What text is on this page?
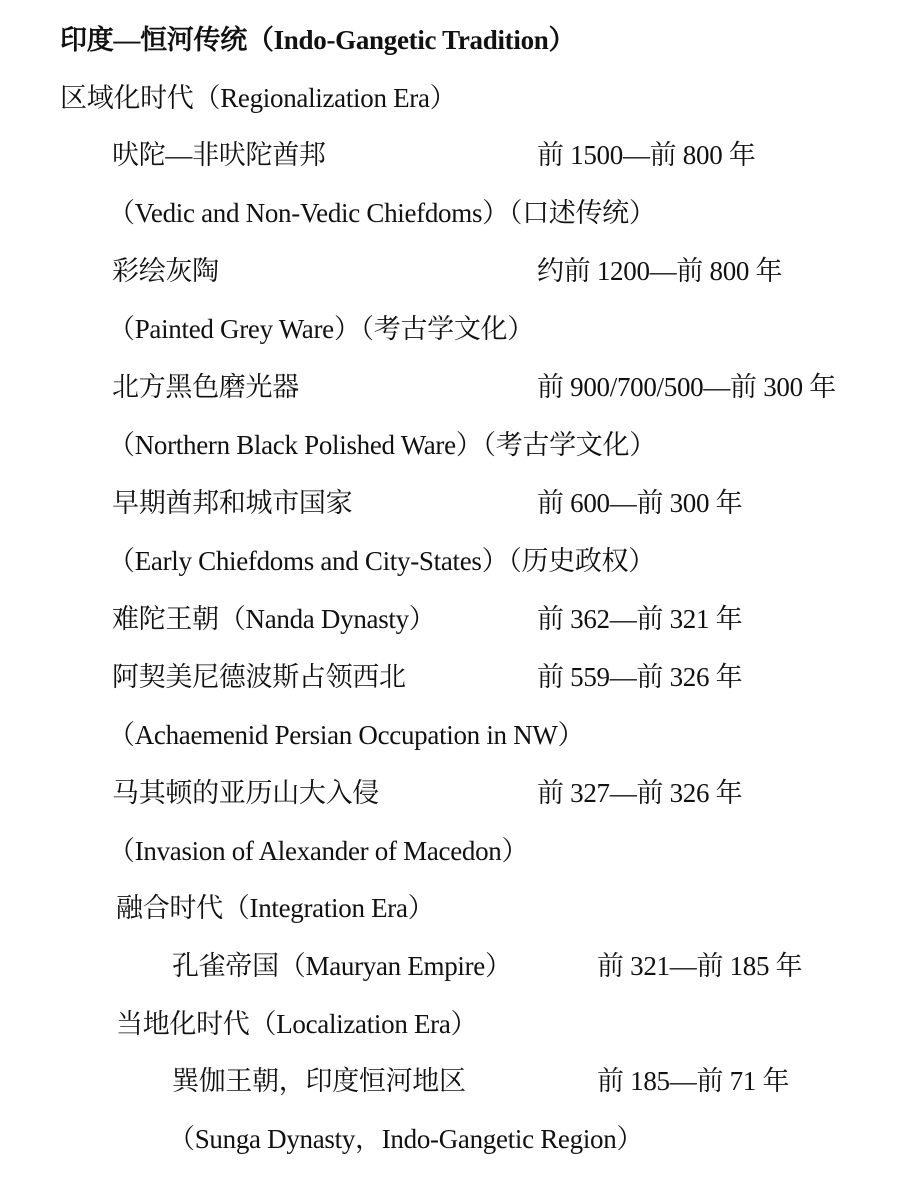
印度—恒河传统（Indo-Gangetic Tradition）
区域化时代（Regionalization Era）
吠陀—非吠陀酋邦	前 1500—前 800 年
（Vedic and Non-Vedic Chiefdoms）（口述传统）
彩绘灰陶	约前 1200—前 800 年
（Painted Grey Ware）（考古学文化）
北方黑色磨光器	前 900/700/500—前 300 年
（Northern Black Polished Ware）（考古学文化）
早期酋邦和城市国家	前 600—前 300 年
（Early Chiefdoms and City-States）（历史政权）
难陀王朝（Nanda Dynasty）	前 362—前 321 年
阿契美尼德波斯占领西北	前 559—前 326 年
（Achaemenid Persian Occupation in NW）
马其顿的亚历山大入侵	前 327—前 326 年
（Invasion of Alexander of Macedon）
融合时代（Integration Era）
孔雀帝国（Mauryan Empire）	前 321—前 185 年
当地化时代（Localization Era）
巽伽王朝，印度恒河地区	前 185—前 71 年
（Sunga Dynasty，Indo-Gangetic Region）
